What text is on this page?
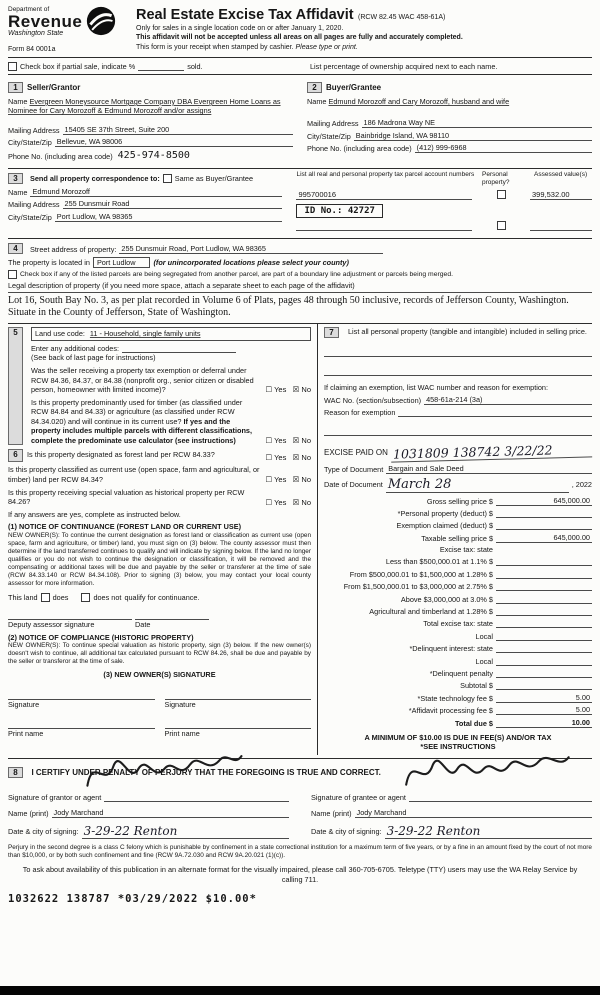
Department of
Revenue
Washington State
Form 84 0001a
Real Estate Excise Tax Affidavit (RCW 82.45 WAC 458-61A)
Only for sales in a single location code on or after January 1, 2020.
This affidavit will not be accepted unless all areas on all pages are fully and accurately completed.
This form is your receipt when stamped by cashier. Please type or print.
Check box if partial sale, indicate %	sold.	List percentage of ownership acquired next to each name.
1 Seller/Grantor
Name Evergreen Moneysource Mortgage Company DBA Evergreen Home Loans as Nominee for Cary Morozoff & Edmund Morozoff and/or assigns
Mailing Address 15405 SE 37th Street, Suite 200
City/State/Zip Bellevue, WA 98006
Phone No. (including area code) 425-974-8500
2 Buyer/Grantee
Name Edmund Morozoff and Cary Morozoff, husband and wife
Mailing Address 186 Madrona Way NE
City/State/Zip Bainbridge Island, WA 98110
Phone No. (including area code) (412) 999-6968
3	Send all property correspondence to: Same as Buyer/Grantee
Name Edmund Morozoff
Mailing Address 255 Dunsmuir Road
City/State/Zip Port Ludlow, WA 98365
List all real and personal property tax parcel account numbers Personal property?
Assessed value(s)
995700016	399,532.00
ID No.: 42727
4	Street address of property: 255 Dunsmuir Road, Port Ludlow, WA 98365
The property is located in Port Ludlow	(for unincorporated locations please select your county)
Check box if any of the listed parcels are being segregated from another parcel, are part of a boundary line adjustment or parcels being merged.
Legal description of property (if you need more space, attach a separate sheet to each page of the affidavit)
Lot 16, South Bay No. 3, as per plat recorded in Volume 6 of Plats, pages 48 through 50 inclusive, records of Jefferson County, Washington. Situate in the County of Jefferson, State of Washington.
5	Land use code: 11 - Household, single family units
Enter any additional codes:
(See back of last page for instructions)
Was the seller receiving a property tax exemption or deferral under RCW 84.36, 84.37, or 84.38 (nonprofit org., senior citizen or disabled person, homeowner with limited income)?	☐ Yes   ☒ No
Is this property predominantly used for timber (as classified under RCW 84.84 and 84.33) or agriculture (as classified under RCW 84.34.020) and will continue in its current use? If yes and the property includes multiple parcels with different classifications, complete the predominate use calculator (see instructions)	☐ Yes   ☒ No
6 Is this property designated as forest land per RCW 84.33?	☐ Yes   ☒ No
Is this property classified as current use (open space, farm and agricultural, or timber) land per RCW 84.34?	☐ Yes   ☒ No
Is this property receiving special valuation as historical property per RCW 84.26?	☐ Yes   ☒ No
If any answers are yes, complete as instructed below.
(1) NOTICE OF CONTINUANCE (FOREST LAND OR CURRENT USE)
NEW OWNER(S): To continue the current designation as forest land or classification as current use (open space, farm and agriculture, or timber) land, you must sign on (3) below. The county assessor must then determine if the land transferred continues to qualify and will indicate by signing below. If the land no longer qualifies or you do not wish to continue the designation or classification, it will be removed and the compensating or additional taxes will be due and payable by the seller or transferer at the time of sale (RCW 84.33.140 or RCW 84.34.108). Prior to signing (3) below, you may contact your local county assessor for more information.
This land does	does not qualify for continuance.
Deputy assessor signature	Date
(2) NOTICE OF COMPLIANCE (HISTORIC PROPERTY)
NEW OWNER(S): To continue special valuation as historic property, sign (3) below. If the new owner(s) doesn't wish to continue, all additional tax calculated pursuant to RCW 84.26, shall be due and payable by the seller or transferor at the time of sale.
(3) NEW OWNER(S) SIGNATURE
Signature	Signature
Print name	Print name
7	List all personal property (tangible and intangible) included in selling price.
If claiming an exemption, list WAC number and reason for exemption:
WAC No. (section/subsection) 458-61a-214 (3a)
Reason for exemption
EXCISE PAID ON 1031809 138742 3/22/22
Type of Document Bargain and Sale Deed
Date of Document March 28	, 2022
Gross selling price $	645,000.00
*Personal property (deduct) $
Exemption claimed (deduct) $
Taxable selling price $	645,000.00
Excise tax: state
Less than $500,000.01 at 1.1% $
From $500,000.01 to $1,500,000 at 1.28% $
From $1,500,000.01 to $3,000,000 at 2.75% $
Above $3,000,000 at 3.0% $
Agricultural and timberland at 1.28% $
Total excise tax: state
Local
*Delinquent interest: state
Local
*Delinquent penalty
Subtotal $
*State technology fee $	5.00
*Affidavit processing fee $	5.00
Total due $	10.00
A MINIMUM OF $10.00 IS DUE IN FEE(S) AND/OR TAX
*SEE INSTRUCTIONS
8 I CERTIFY UNDER PENALTY OF PERJURY THAT THE FOREGOING IS TRUE AND CORRECT.
Signature of grantor or agent
Name (print) Jody Marchand
Date & city of signing: 3-29-22 Renton
Signature of grantee or agent
Name (print) Jody Marchand
Date & city of signing: 3-29-22 Renton
Perjury in the second degree is a class C felony which is punishable by confinement in a state correctional institution for a maximum term of five years, or by a fine in an amount fixed by the court of not more than $10,000, or by both such confinement and fine (RCW 9A.72.030 and RCW 9A.20.021 (1)(c)).
To ask about availability of this publication in an alternate format for the visually impaired, please call 360-705-6705. Teletype (TTY) users may use the WA Relay Service by calling 711.
1032622 138787 *03/29/2022 $10.00*
